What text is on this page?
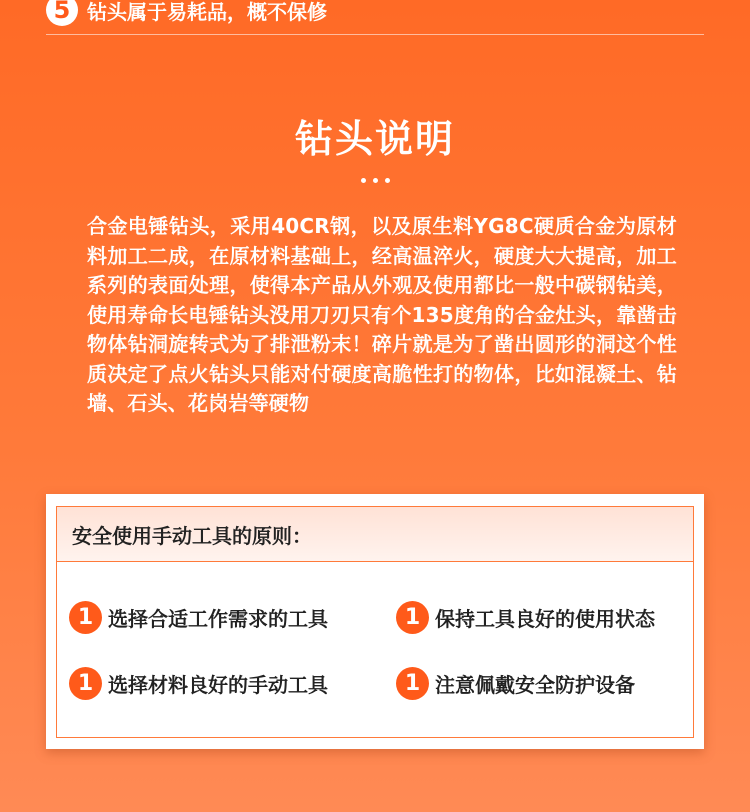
5 钻头属于易耗品，概不保修
钻头说明
合金电锤钻头，采用40CR钢，以及原生料YG8C硬质合金为原材料加工二成，在原材料基础上，经高温淬火，硬度大大提高，加工系列的表面处理，使得本产品从外观及使用都比一般中碳钢钻美，使用寿命长电锤钻头没用刀刃只有个135度角的合金灶头，靠凿击物体钻洞旋转式为了排泄粉末！碎片就是为了凿出圆形的洞这个性质决定了点火钻头只能对付硬度高脆性打的物体，比如混凝土、钻墙、石头、花岗岩等硬物
安全使用手动工具的原则：
1 选择合适工作需求的工具	1 保持工具良好的使用状态
1 选择材料良好的手动工具	1 注意佩戴安全防护设备
